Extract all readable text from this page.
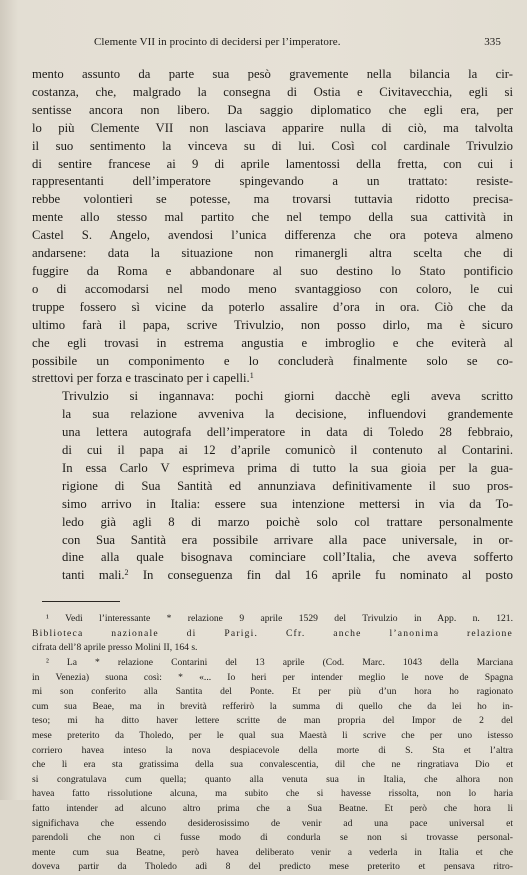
Clemente VII in procinto di decidersi per l’imperatore.	335

mento assunto da parte sua pesò gravemente nella bilancia la cir-
costanza, che, malgrado la consegna di Ostia e Civitavecchia, egli si
sentisse ancora non libero. Da saggio diplomatico che egli era, per
lo più Clemente VII non lasciava apparire nulla di ciò, ma talvolta
il suo sentimento la vinceva su di lui. Così col cardinale Trivulzio
di sentire francese ai 9 di aprile lamentossi della fretta, con cui i
rappresentanti dell’imperatore spingevando a un trattato: resiste-
rebbe volontieri se potesse, ma trovarsi tuttavia ridotto precisa-
mente allo stesso mal partito che nel tempo della sua cattività in
Castel S. Angelo, avendosi l’unica differenza che ora poteva almeno
andarsene: data la situazione non rimanergli altra scelta che di
fuggire da Roma e abbandonare al suo destino lo Stato pontificio
o di accomodarsi nel modo meno svantaggioso con coloro, le cui
truppe fossero sì vicine da poterlo assalire d’ora in ora. Ciò che da
ultimo farà il papa, scrive Trivulzio, non posso dirlo, ma è sicuro
che egli trovasi in estrema angustia e imbroglio e che eviterà al
possibile un componimento e lo concluderà finalmente solo se co-
strettovi per forza e trascinato per i capelli.$^1$

Trivulzio si ingannava: pochi giorni dacchè egli aveva scritto
la sua relazione avveniva la decisione, influendovi grandemente
una lettera autografa dell’imperatore in data di Toledo 28 febbraio,
di cui il papa ai 12 d’aprile comunicò il contenuto al Contarini.
In essa Carlo V esprimeva prima di tutto la sua gioia per la gua-
rigione di Sua Santità ed annunziava definitivamente il suo pros-
simo arrivo in Italia: essere sua intenzione mettersi in via da To-
ledo già agli 8 di marzo poichè solo col trattare personalmente
con Sua Santità era possibile arrivare alla pace universale, in or-
dine alla quale bisognava cominciare coll’Italia, che aveva sofferto
tanti mali.$^2$ In conseguenza fin dal 16 aprile fu nominato al posto

¹ Vedi l’interessante * relazione 9 aprile 1529 del Trivulzio in App. n. 121.
Biblioteca nazionale di Parigi. Cfr. anche l’anonima relazione
cifrata dell’8 aprile presso Molini II, 164 s.

² La * relazione Contarini del 13 aprile (Cod. Marc. 1043 della Marciana
in Venezia) suona così: * «... Io heri per intender meglio le nove de Spagna
mi son conferito alla Santita del Ponte. Et per più d’un hora ho ragionato
cum sua Beae, ma in brevità refferirò la summa di quello che da lei ho in-
teso; mi ha ditto haver lettere scritte de man propria del Impor de 2 del
mese preterito da Tholedo, per le qual sua Maestà li scrive che per uno istesso
corriero havea inteso la nova despiacevole della morte di S. Sta et l’altra
che li era sta gratissima della sua convalescentia, dil che ne ringratiava Dio et
si congratulava cum quella; quanto alla venuta sua in Italia, che alhora non
havea fatto rissolutione alcuna, ma subito che si havesse rissolta, non lo haria
fatto intender ad alcuno altro prima che a Sua Beatne. Et però che hora li
significhava che essendo desiderosissimo de venir ad una pace universal et
parendoli che non ci fusse modo di condurla se non si trovasse personal-
mente cum sua Beatne, però havea deliberato venir a vederla in Italia et che
doveva partir da Tholedo adì 8 del predicto mese preterito et pensava ritro-
